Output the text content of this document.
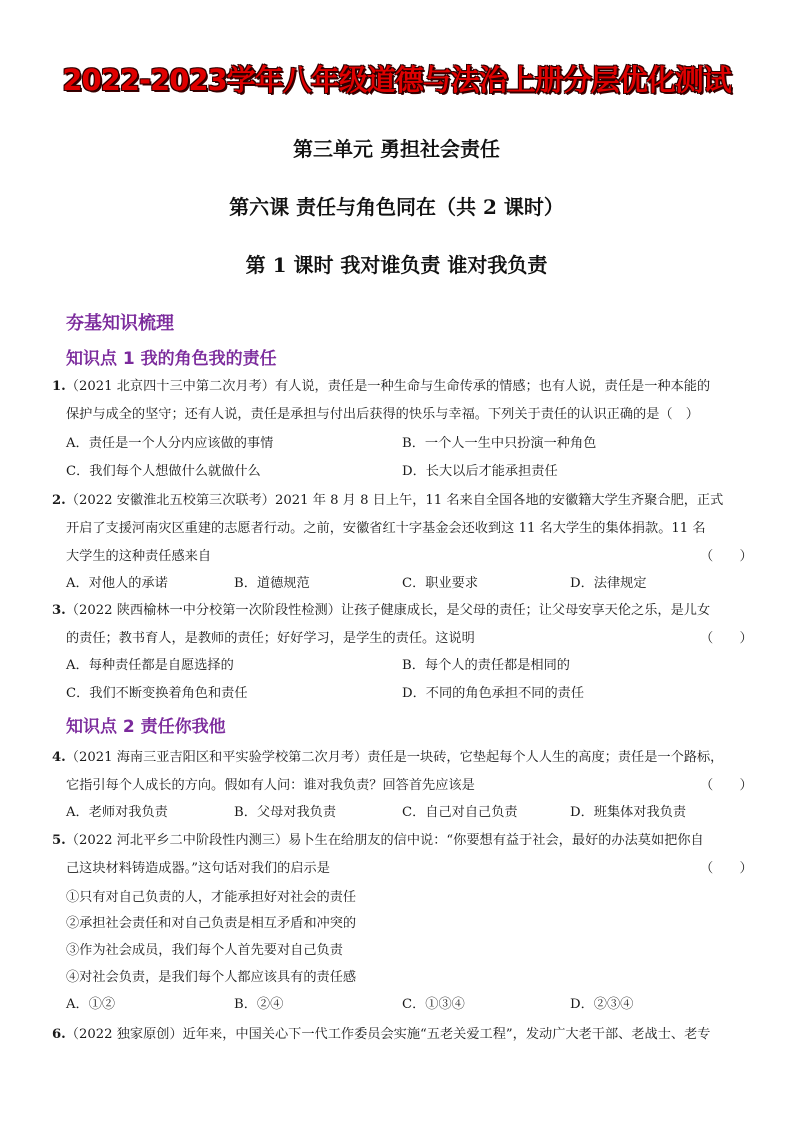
2022-2023学年八年级道德与法治上册分层优化测试
第三单元 勇担社会责任
第六课 责任与角色同在（共 2 课时）
第 1 课时 我对谁负责 谁对我负责
夯基知识梳理
知识点 1 我的角色我的责任
1.（2021 北京四十三中第二次月考）有人说，责任是一种生命与生命传承的情感；也有人说，责任是一种本能的
保护与成全的坚守；还有人说，责任是承担与付出后获得的快乐与幸福。下列关于责任的认识正确的是（　）
A．责任是一个人分内应该做的事情	B．一个人一生中只扮演一种角色
C．我们每个人想做什么就做什么	D．长大以后才能承担责任
2.（2022 安徽淮北五校第三次联考）2021 年 8 月 8 日上午，11 名来自全国各地的安徽籍大学生齐聚合肥，正式
开启了支援河南灾区重建的志愿者行动。之前，安徽省红十字基金会还收到这 11 名大学生的集体捐款。11 名
大学生的这种责任感来自	（　　）
A．对他人的承诺	B．道德规范	C．职业要求	D．法律规定
3.（2022 陕西榆林一中分校第一次阶段性检测）让孩子健康成长，是父母的责任；让父母安享天伦之乐，是儿女
的责任；教书育人，是教师的责任；好好学习，是学生的责任。这说明	（　　）
A．每种责任都是自愿选择的	B．每个人的责任都是相同的
C．我们不断变换着角色和责任	D．不同的角色承担不同的责任
知识点 2 责任你我他
4.（2021 海南三亚吉阳区和平实验学校第二次月考）责任是一块砖，它垫起每个人人生的高度；责任是一个路标，
它指引每个人成长的方向。假如有人问：谁对我负责？回答首先应该是	（　　）
A．老师对我负责	B．父母对我负责	C．自己对自己负责	D．班集体对我负责
5.（2022 河北平乡二中阶段性内测三）易卜生在给朋友的信中说：“你要想有益于社会，最好的办法莫如把你自
己这块材料铸造成器。”这句话对我们的启示是	（　　）
①只有对自己负责的人，才能承担好对社会的责任
②承担社会责任和对自己负责是相互矛盾和冲突的
③作为社会成员，我们每个人首先要对自己负责
④对社会负责，是我们每个人都应该具有的责任感
A．①②	B．②④	C．①③④	D．②③④
6.（2022 独家原创）近年来，中国关心下一代工作委员会实施“五老关爱工程”，发动广大老干部、老战士、老专
